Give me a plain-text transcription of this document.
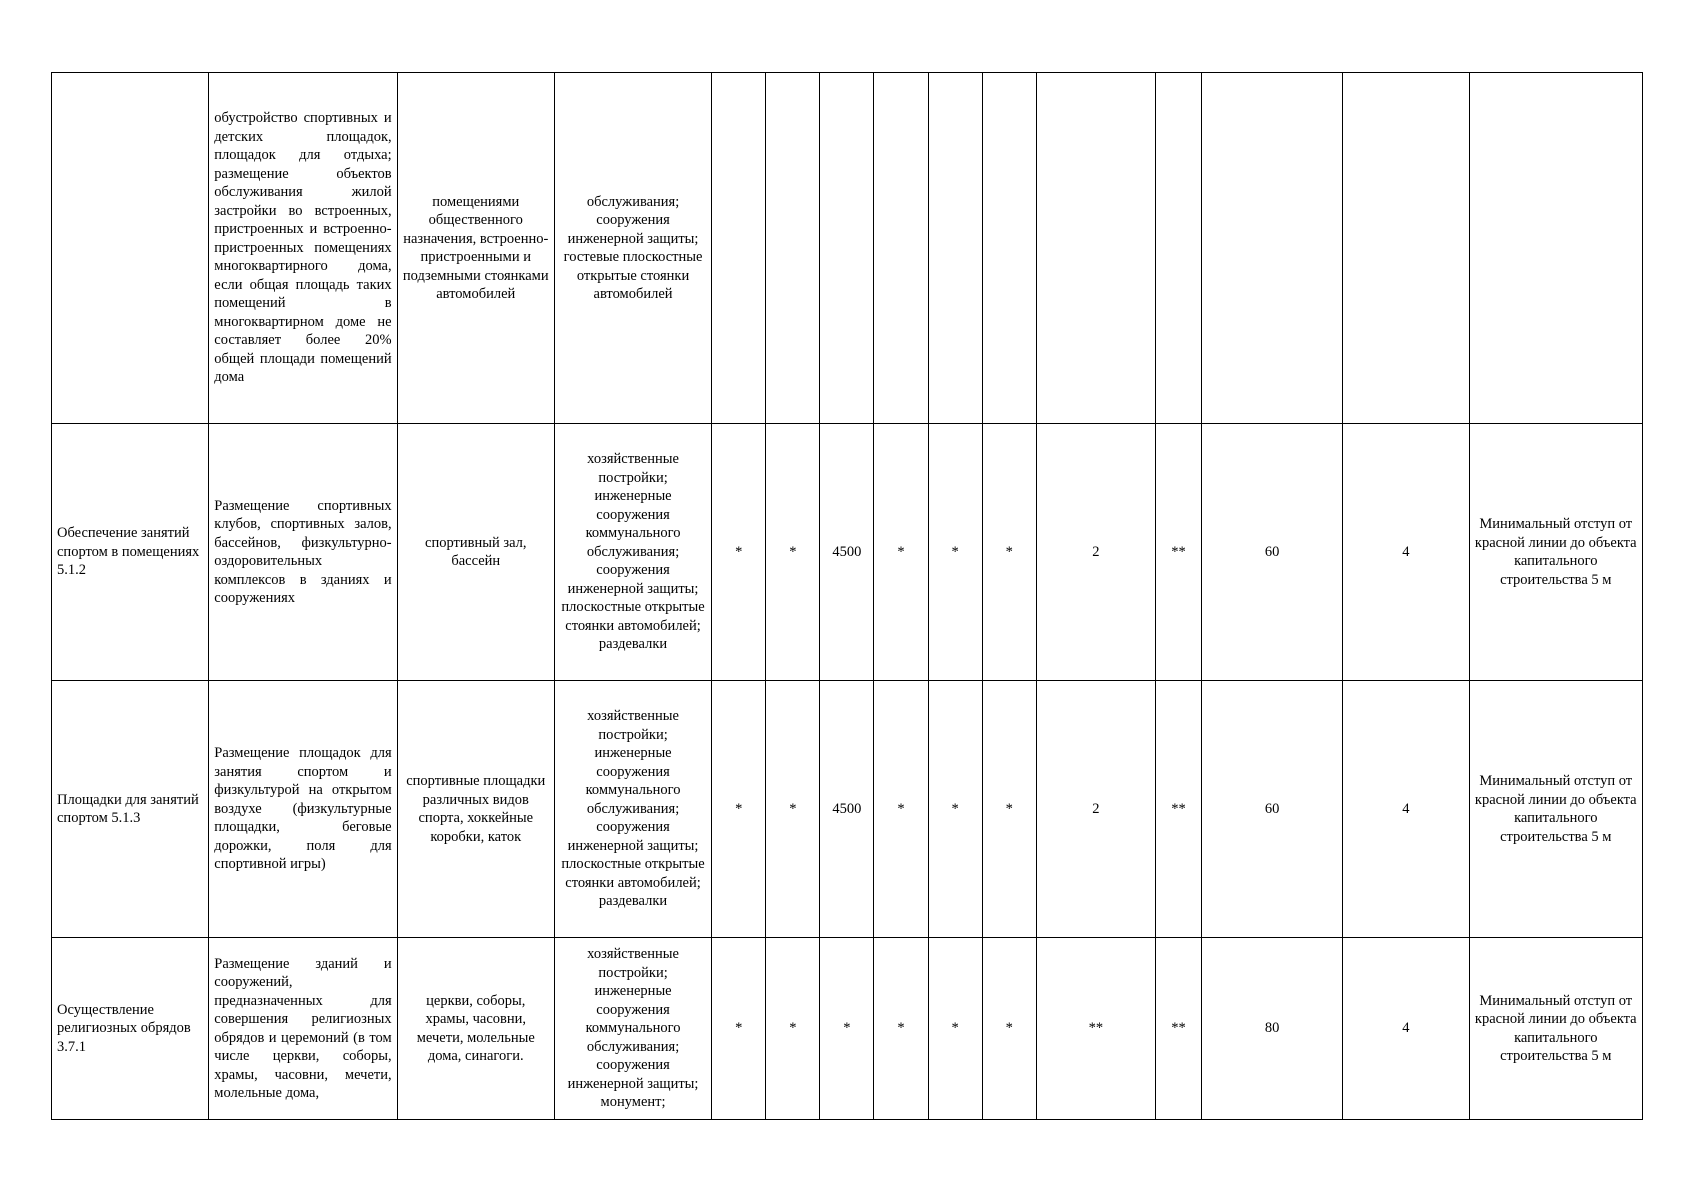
	обустройство спортивных и детских площадок, площадок для отдыха; размещение объектов обслуживания жилой застройки во встроенных, пристроенных и встроенно-пристроенных помещениях многоквартирного дома, если общая площадь таких помещений в многоквартирном доме не составляет более 20% общей площади помещений дома	помещениями общественного назначения, встроенно-пристроенными и подземными стоянками автомобилей	обслуживания; сооружения инженерной защиты; гостевые плоскостные открытые стоянки автомобилей											
Обеспечение занятий спортом в помещениях 5.1.2	Размещение спортивных клубов, спортивных залов, бассейнов, физкультурно-оздоровительных комплексов в зданиях и сооружениях	спортивный зал, бассейн	хозяйственные постройки; инженерные сооружения коммунального обслуживания; сооружения инженерной защиты; плоскостные открытые стоянки автомобилей; раздевалки	*	*	4500	*	*	*	2	**	60	4	Минимальный отступ от красной линии до объекта капитального строительства 5 м
Площадки для занятий спортом 5.1.3	Размещение площадок для занятия спортом и физкультурой на открытом воздухе (физкультурные площадки, беговые дорожки, поля для спортивной игры)	спортивные площадки различных видов спорта, хоккейные коробки, каток	хозяйственные постройки; инженерные сооружения коммунального обслуживания; сооружения инженерной защиты; плоскостные открытые стоянки автомобилей; раздевалки	*	*	4500	*	*	*	2	**	60	4	Минимальный отступ от красной линии до объекта капитального строительства 5 м
Осуществление религиозных обрядов 3.7.1	Размещение зданий и сооружений, предназначенных для совершения религиозных обрядов и церемоний (в том числе церкви, соборы, храмы, часовни, мечети, молельные дома,	церкви, соборы, храмы, часовни, мечети, молельные дома, синагоги.	хозяйственные постройки; инженерные сооружения коммунального обслуживания; сооружения инженерной защиты; монумент;	*	*	*	*	*	*	**	**	80	4	Минимальный отступ от красной линии до объекта капитального строительства 5 м
